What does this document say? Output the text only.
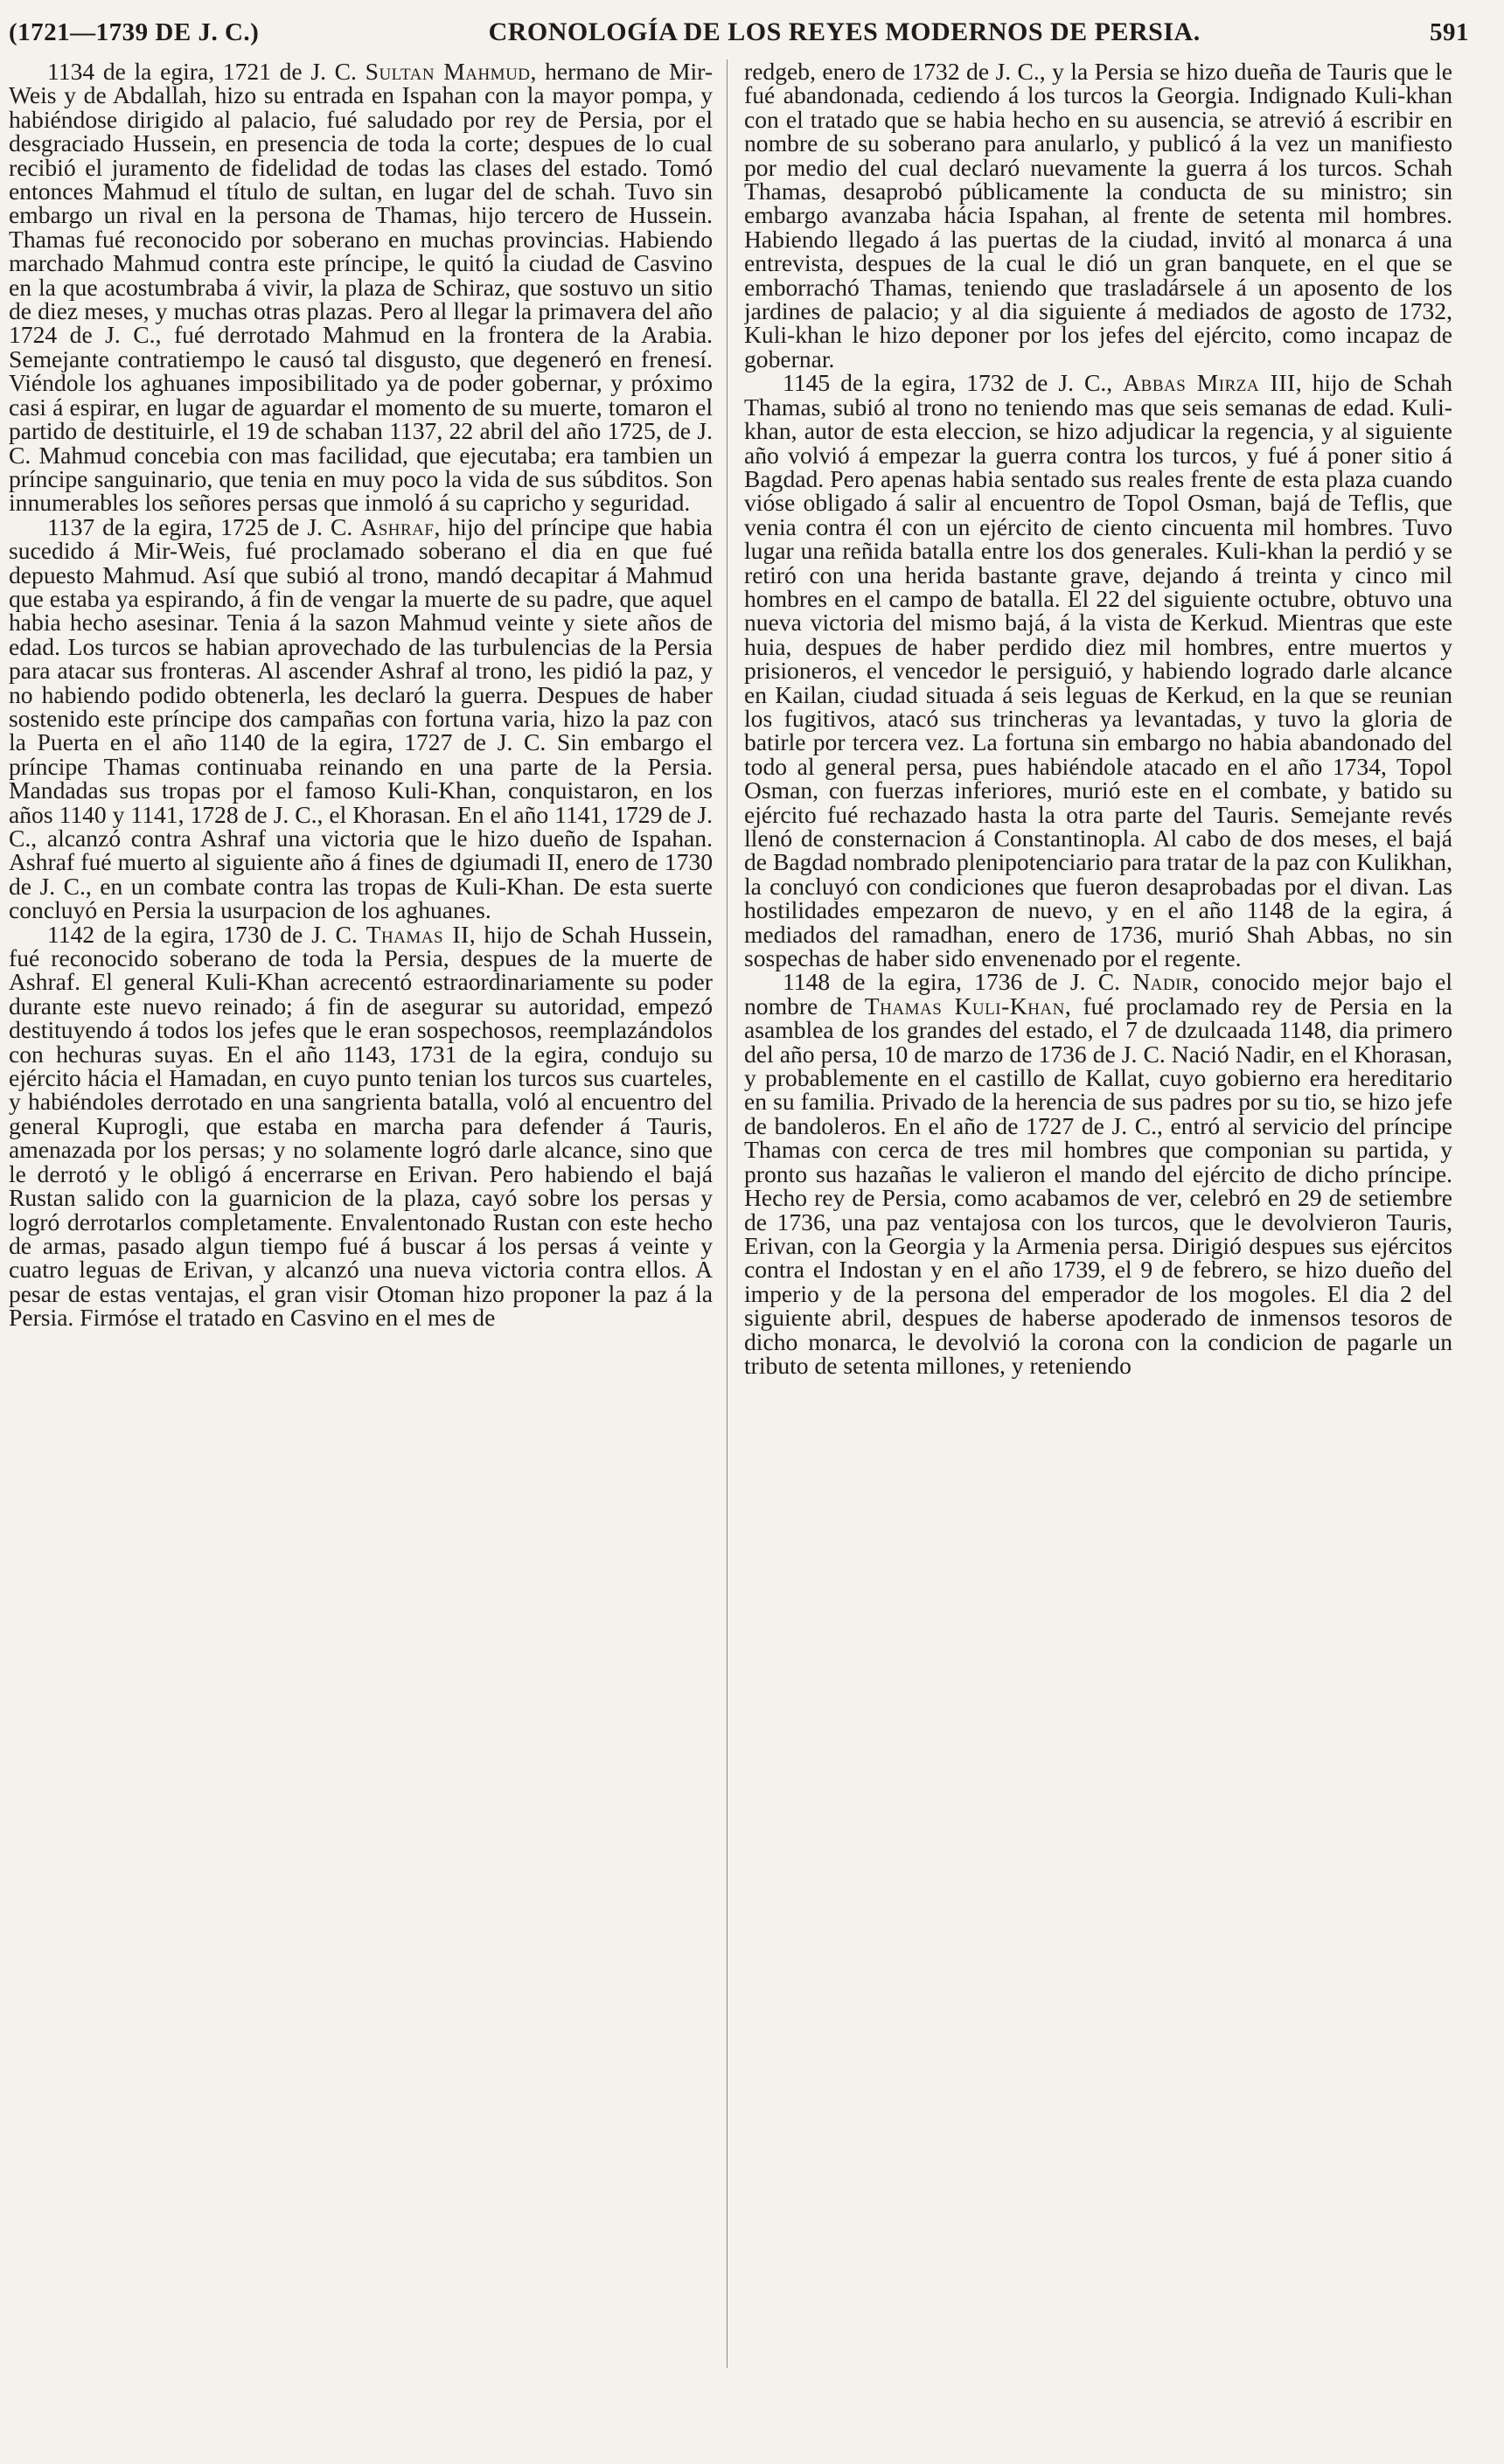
(1721—1739 DE J. C.)	CRONOLOGÍA DE LOS REYES MODERNOS DE PERSIA.	591

1134 de la egira, 1721 de J. C. Sultan Mahmud, hermano de Mir-Weis y de Abdallah, hizo su entrada en Ispahan con la mayor pompa, y habiéndose dirigido al palacio, fué saludado por rey de Persia, por el desgraciado Hussein, en presencia de toda la corte; despues de lo cual recibió el juramento de fidelidad de todas las clases del estado. Tomó entonces Mahmud el título de sultan, en lugar del de schah. Tuvo sin embargo un rival en la persona de Thamas, hijo tercero de Hussein. Thamas fué reconocido por soberano en muchas provincias. Habiendo marchado Mahmud contra este príncipe, le quitó la ciudad de Casvino en la que acostumbraba á vivir, la plaza de Schiraz, que sostuvo un sitio de diez meses, y muchas otras plazas. Pero al llegar la primavera del año 1724 de J. C., fué derrotado Mahmud en la frontera de la Arabia. Semejante contratiempo le causó tal disgusto, que degeneró en frenesí. Viéndole los aghuanes imposibilitado ya de poder gobernar, y próximo casi á espirar, en lugar de aguardar el momento de su muerte, tomaron el partido de destituirle, el 19 de schaban 1137, 22 abril del año 1725, de J. C. Mahmud concebia con mas facilidad, que ejecutaba; era tambien un príncipe sanguinario, que tenia en muy poco la vida de sus súbditos. Son innumerables los señores persas que inmoló á su capricho y seguridad.

1137 de la egira, 1725 de J. C. Ashraf, hijo del príncipe que habia sucedido á Mir-Weis, fué proclamado soberano el dia en que fué depuesto Mahmud. Así que subió al trono, mandó decapitar á Mahmud que estaba ya espirando, á fin de vengar la muerte de su padre, que aquel habia hecho asesinar. Tenia á la sazon Mahmud veinte y siete años de edad. Los turcos se habian aprovechado de las turbulencias de la Persia para atacar sus fronteras. Al ascender Ashraf al trono, les pidió la paz, y no habiendo podido obtenerla, les declaró la guerra. Despues de haber sostenido este príncipe dos campañas con fortuna varia, hizo la paz con la Puerta en el año 1140 de la egira, 1727 de J. C. Sin embargo el príncipe Thamas continuaba reinando en una parte de la Persia. Mandadas sus tropas por el famoso Kuli-Khan, conquistaron, en los años 1140 y 1141, 1728 de J. C., el Khorasan. En el año 1141, 1729 de J. C., alcanzó contra Ashraf una victoria que le hizo dueño de Ispahan. Ashraf fué muerto al siguiente año á fines de dgiumadi II, enero de 1730 de J. C., en un combate contra las tropas de Kuli-Khan. De esta suerte concluyó en Persia la usurpacion de los aghuanes.

1142 de la egira, 1730 de J. C. Thamas II, hijo de Schah Hussein, fué reconocido soberano de toda la Persia, despues de la muerte de Ashraf. El general Kuli-Khan acrecentó estraordinariamente su poder durante este nuevo reinado; á fin de asegurar su autoridad, empezó destituyendo á todos los jefes que le eran sospechosos, reemplazándolos con hechuras suyas. En el año 1143, 1731 de la egira, condujo su ejército hácia el Hamadan, en cuyo punto tenian los turcos sus cuarteles, y habiéndoles derrotado en una sangrienta batalla, voló al encuentro del general Kuprogli, que estaba en marcha para defender á Tauris, amenazada por los persas; y no solamente logró darle alcance, sino que le derrotó y le obligó á encerrarse en Erivan. Pero habiendo el bajá Rustan salido con la guarnicion de la plaza, cayó sobre los persas y logró derrotarlos completamente. Envalentonado Rustan con este hecho de armas, pasado algun tiempo fué á buscar á los persas á veinte y cuatro leguas de Erivan, y alcanzó una nueva victoria contra ellos. A pesar de estas ventajas, el gran visir Otoman hizo proponer la paz á la Persia. Firmóse el tratado en Casvino en el mes de

redgeb, enero de 1732 de J. C., y la Persia se hizo dueña de Tauris que le fué abandonada, cediendo á los turcos la Georgia. Indignado Kuli-khan con el tratado que se habia hecho en su ausencia, se atrevió á escribir en nombre de su soberano para anularlo, y publicó á la vez un manifiesto por medio del cual declaró nuevamente la guerra á los turcos. Schah Thamas, desaprobó públicamente la conducta de su ministro; sin embargo avanzaba hácia Ispahan, al frente de setenta mil hombres. Habiendo llegado á las puertas de la ciudad, invitó al monarca á una entrevista, despues de la cual le dió un gran banquete, en el que se emborrachó Thamas, teniendo que trasladársele á un aposento de los jardines de palacio; y al dia siguiente á mediados de agosto de 1732, Kuli-khan le hizo deponer por los jefes del ejército, como incapaz de gobernar.

1145 de la egira, 1732 de J. C., Abbas Mirza III, hijo de Schah Thamas, subió al trono no teniendo mas que seis semanas de edad. Kuli-khan, autor de esta eleccion, se hizo adjudicar la regencia, y al siguiente año volvió á empezar la guerra contra los turcos, y fué á poner sitio á Bagdad. Pero apenas habia sentado sus reales frente de esta plaza cuando vióse obligado á salir al encuentro de Topol Osman, bajá de Teflis, que venia contra él con un ejército de ciento cincuenta mil hombres. Tuvo lugar una reñida batalla entre los dos generales. Kuli-khan la perdió y se retiró con una herida bastante grave, dejando á treinta y cinco mil hombres en el campo de batalla. El 22 del siguiente octubre, obtuvo una nueva victoria del mismo bajá, á la vista de Kerkud. Mientras que este huia, despues de haber perdido diez mil hombres, entre muertos y prisioneros, el vencedor le persiguió, y habiendo logrado darle alcance en Kailan, ciudad situada á seis leguas de Kerkud, en la que se reunian los fugitivos, atacó sus trincheras ya levantadas, y tuvo la gloria de batirle por tercera vez. La fortuna sin embargo no habia abandonado del todo al general persa, pues habiéndole atacado en el año 1734, Topol Osman, con fuerzas inferiores, murió este en el combate, y batido su ejército fué rechazado hasta la otra parte del Tauris. Semejante revés llenó de consternacion á Constantinopla. Al cabo de dos meses, el bajá de Bagdad nombrado plenipotenciario para tratar de la paz con Kulikhan, la concluyó con condiciones que fueron desaprobadas por el divan. Las hostilidades empezaron de nuevo, y en el año 1148 de la egira, á mediados del ramadhan, enero de 1736, murió Shah Abbas, no sin sospechas de haber sido envenenado por el regente.

1148 de la egira, 1736 de J. C. Nadir, conocido mejor bajo el nombre de Thamas Kuli-Khan, fué proclamado rey de Persia en la asamblea de los grandes del estado, el 7 de dzulcaada 1148, dia primero del año persa, 10 de marzo de 1736 de J. C. Nació Nadir, en el Khorasan, y probablemente en el castillo de Kallat, cuyo gobierno era hereditario en su familia. Privado de la herencia de sus padres por su tio, se hizo jefe de bandoleros. En el año de 1727 de J. C., entró al servicio del príncipe Thamas con cerca de tres mil hombres que componian su partida, y pronto sus hazañas le valieron el mando del ejército de dicho príncipe. Hecho rey de Persia, como acabamos de ver, celebró en 29 de setiembre de 1736, una paz ventajosa con los turcos, que le devolvieron Tauris, Erivan, con la Georgia y la Armenia persa. Dirigió despues sus ejércitos contra el Indostan y en el año 1739, el 9 de febrero, se hizo dueño del imperio y de la persona del emperador de los mogoles. El dia 2 del siguiente abril, despues de haberse apoderado de inmensos tesoros de dicho monarca, le devolvió la corona con la condicion de pagarle un tributo de setenta millones, y reteniendo
